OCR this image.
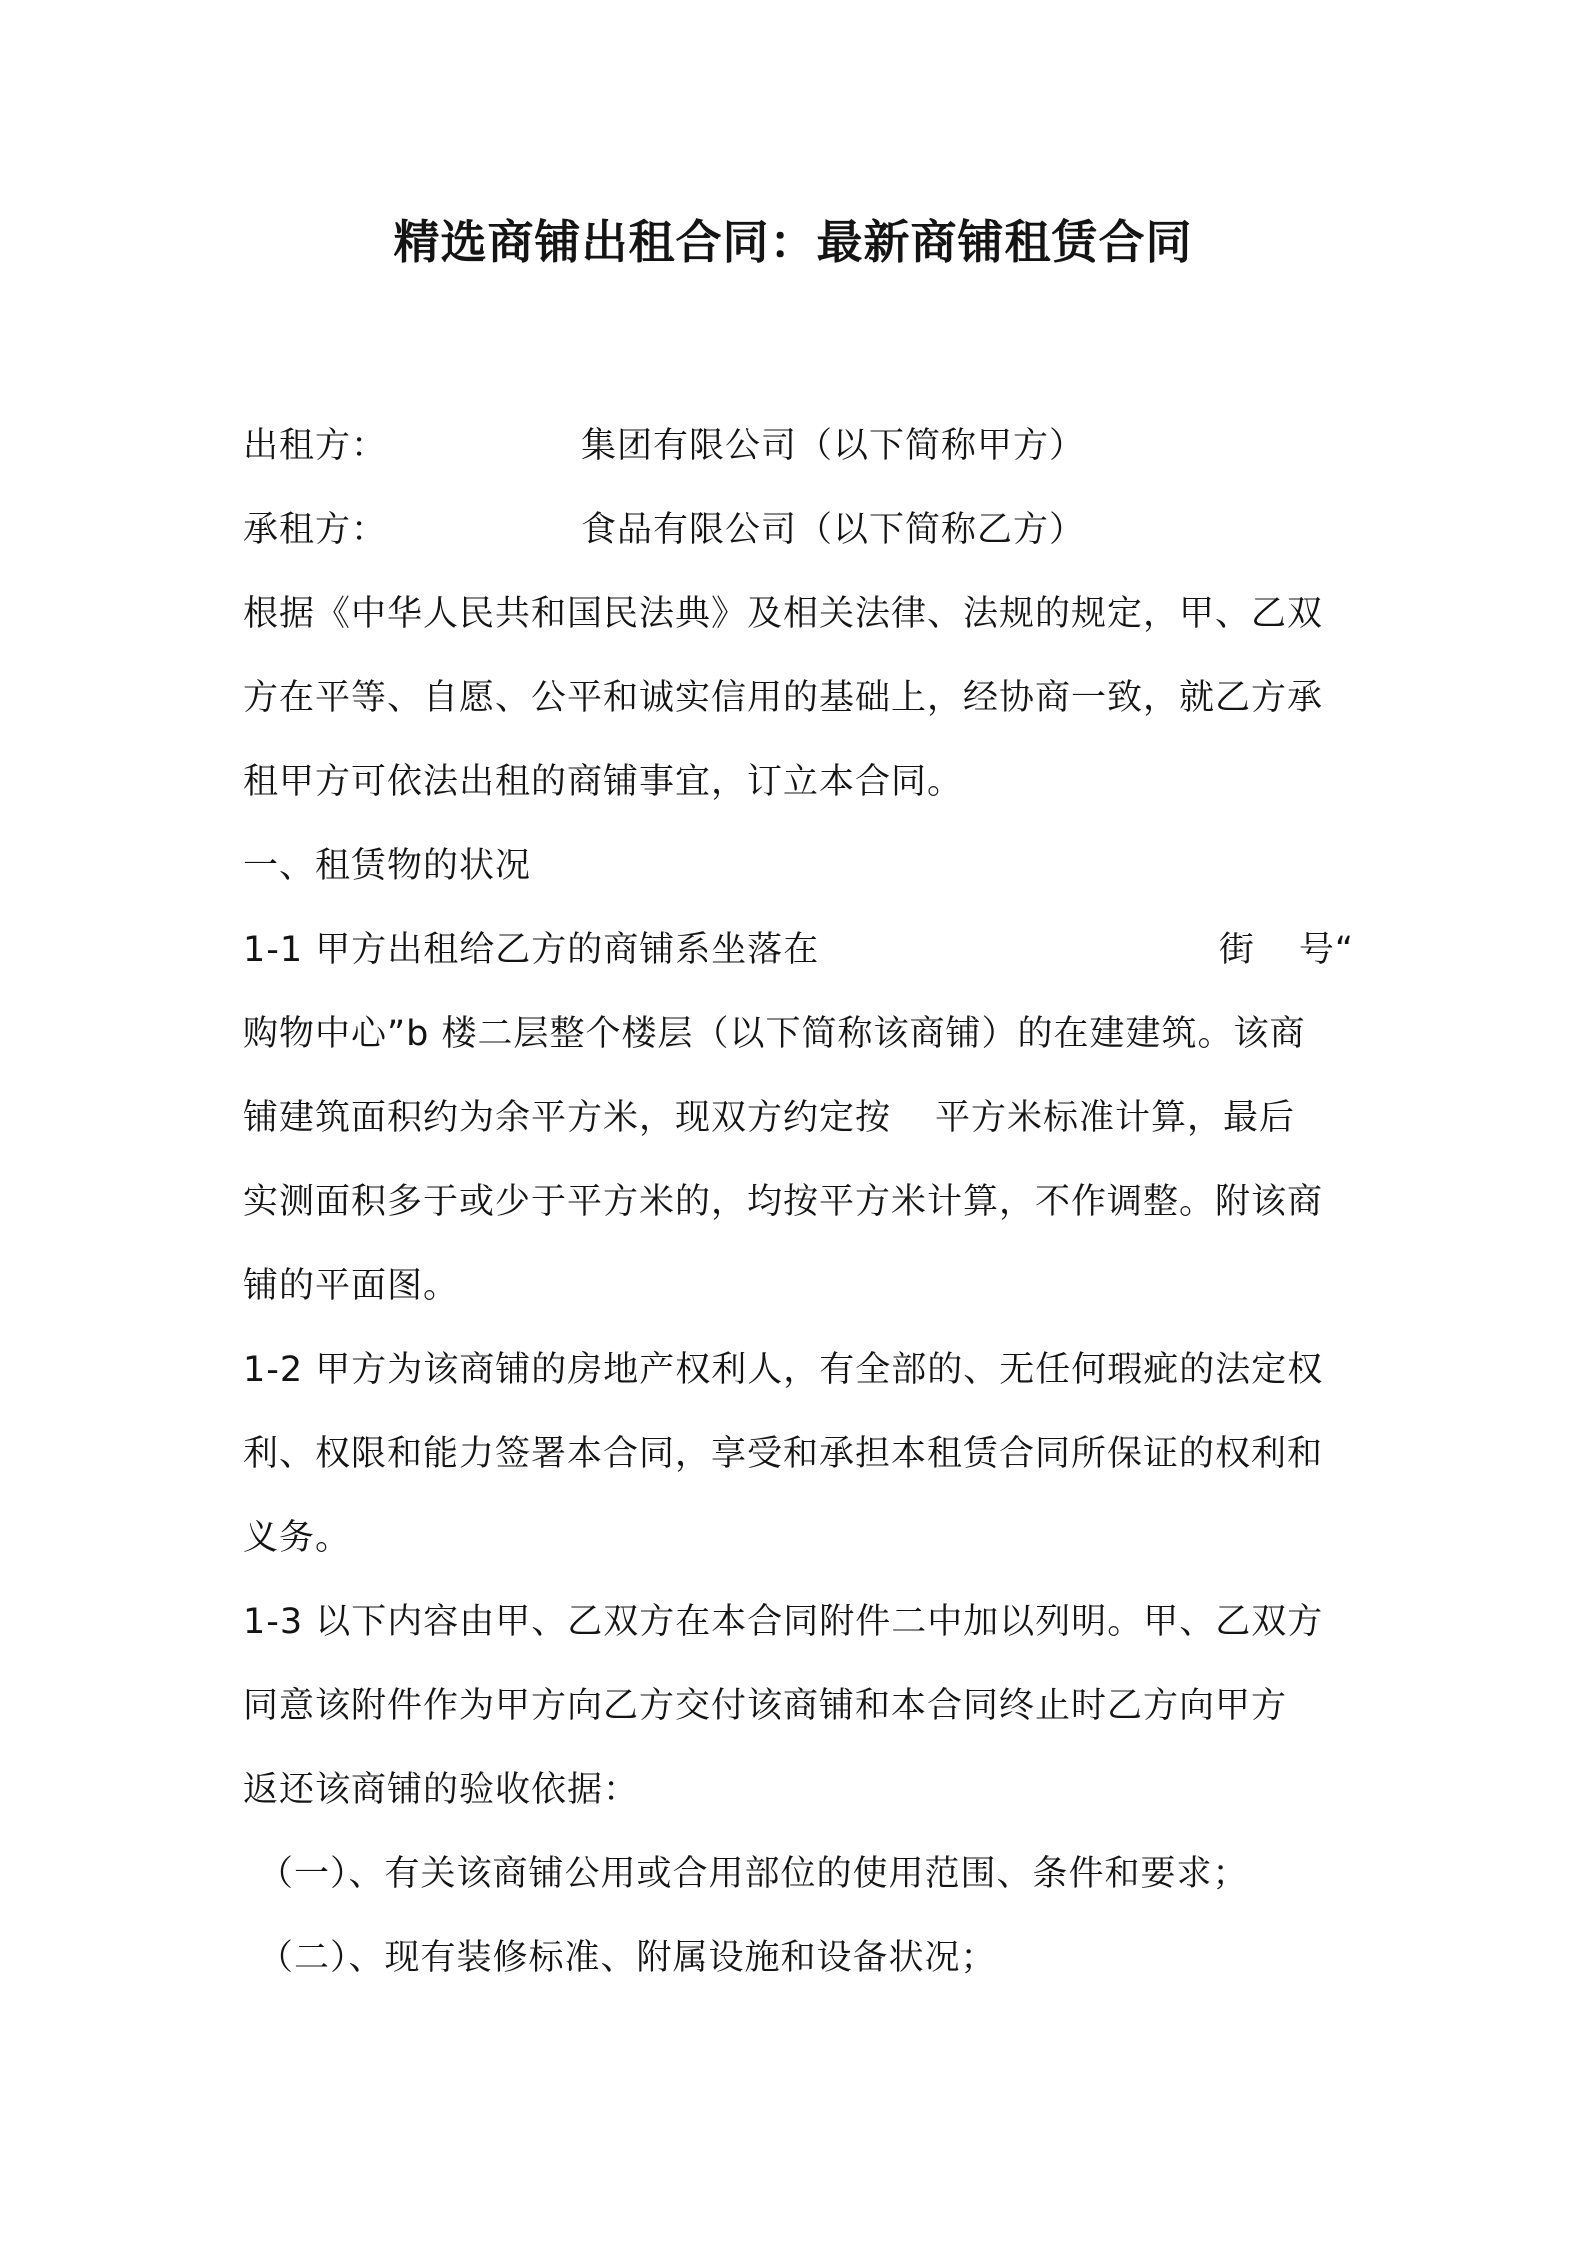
精选商铺出租合同：最新商铺租赁合同
出租方：	集团有限公司（以下简称甲方）
承租方：	食品有限公司（以下简称乙方）
根据《中华人民共和国民法典》及相关法律、法规的规定，甲、乙双
方在平等、自愿、公平和诚实信用的基础上，经协商一致，就乙方承
租甲方可依法出租的商铺事宜，订立本合同。
一、租赁物的状况
1-1 甲方出租给乙方的商铺系坐落在	街 号“
购物中心”b 楼二层整个楼层（以下简称该商铺）的在建建筑。该商
铺建筑面积约为余平方米，现双方约定按 平方米标准计算，最后
实测面积多于或少于平方米的，均按平方米计算，不作调整。附该商
铺的平面图。
1-2 甲方为该商铺的房地产权利人，有全部的、无任何瑕疵的法定权
利、权限和能力签署本合同，享受和承担本租赁合同所保证的权利和
义务。
1-3 以下内容由甲、乙双方在本合同附件二中加以列明。甲、乙双方
同意该附件作为甲方向乙方交付该商铺和本合同终止时乙方向甲方
返还该商铺的验收依据：
（一）、有关该商铺公用或合用部位的使用范围、条件和要求；
（二）、现有装修标准、附属设施和设备状况；
